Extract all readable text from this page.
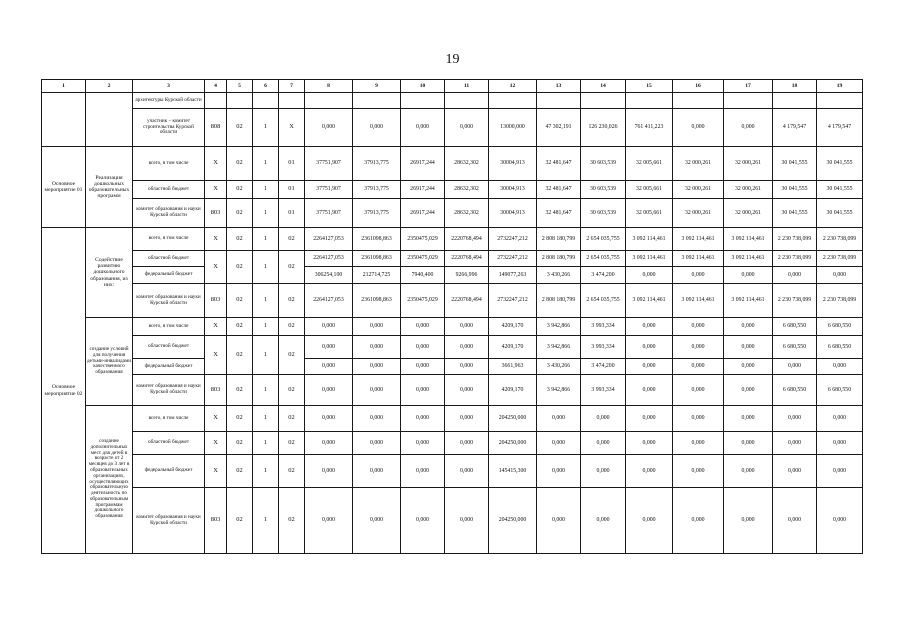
19
1	2	3	4	5	6	7	8	9	10	11	12	13	14	15	16	17	18	19
		архитектуры Курской области																
		участник – комитет строительства Курской области	808	02	1	Х	0,000	0,000	0,000	0,000	13000,000	47 302,191	126 230,026	761 411,223	0,000	0,000	4 179,547	4 179,547
Основное мероприятие 01	Реализация дошкольных образовательных программ	всего, в том числе	Х	02	1	01	37751,907	37913,775	26917,244	28632,302	30004,913	32 481,647	30 603,539	32 005,661	32 000,261	32 000,261	30 041,555	30 041,555
		областной бюджет	Х	02	1	01	37751,907	37913,775	26917,244	28632,302	30004,913	32 481,647	30 603,539	32 005,661	32 000,261	32 000,261	30 041,555	30 041,555
		комитет образования и науки Курской области	803	02	1	01	37751,907	37913,775	26917,244	28632,302	30004,913	32 481,647	30 603,539	32 005,661	32 000,261	32 000,261	30 041,555	30 041,555
Основное мероприятие 02	Содействие развитию дошкольного образования, из них:	всего, в том числе	Х	02	1	02	2264127,053	2361098,863	2350475,029	2220768,494	2732247,212	2 808 180,799	2 654 035,755	3 092 114,461	3 092 114,461	3 092 114,461	2 230 738,099	2 230 738,099
		областной бюджет	Х	02	1	02	2264127,053	2361098,863	2350475,029	2220768,494	2732247,212	2 808 180,799	2 654 035,755	3 092 114,461	3 092 114,461	3 092 114,461	2 230 738,099	2 230 738,099
		федеральный бюджет					306254,100	212714,725	7940,400	9266,996	149077,263	3 430,266	3 474,200	0,000	0,000	0,000	0,000	0,000
		комитет образования и науки Курской области	803	02	1	02	2264127,053	2361098,863	2350475,029	2220768,494	2732247,212	2 808 180,799	2 654 035,755	3 092 114,461	3 092 114,461	3 092 114,461	2 230 738,099	2 230 738,099
	создание условий для получения детьми-инвалидами качественного образования	всего, в том числе	Х	02	1	02	0,000	0,000	0,000	0,000	4209,170	3 942,866	3 993,334	0,000	0,000	0,000	6 680,550	6 680,550
		областной бюджет	Х	02	1	02	0,000	0,000	0,000	0,000	4209,170	3 942,866	3 993,334	0,000	0,000	0,000	6 680,550	6 680,550
		федеральный бюджет					0,000	0,000	0,000	0,000	3661,963	3 430,266	3 474,200	0,000	0,000	0,000	0,000	0,000
		комитет образования и науки Курской области	803	02	1	02	0,000	0,000	0,000	0,000	4209,170	3 942,866	3 993,334	0,000	0,000	0,000	6 680,550	6 680,550
	создание дополнительных мест для детей в возрасте от 2 месяцев до 3 лет в образовательных организациях, осуществляющих образовательную деятельность по образовательным программам дошкольного образования	всего, в том числе	Х	02	1	02	0,000	0,000	0,000	0,000	204250,000	0,000	0,000	0,000	0,000	0,000	0,000	0,000
		областной бюджет	Х	02	1	02	0,000	0,000	0,000	0,000	204250,000	0,000	0,000	0,000	0,000	0,000	0,000	0,000
		федеральный бюджет	Х	02	1	02	0,000	0,000	0,000	0,000	145415,300	0,000	0,000	0,000	0,000	0,000	0,000	0,000
		комитет образования и науки Курской области	803	02	1	02	0,000	0,000	0,000	0,000	204250,000	0,000	0,000	0,000	0,000	0,000	0,000	0,000
